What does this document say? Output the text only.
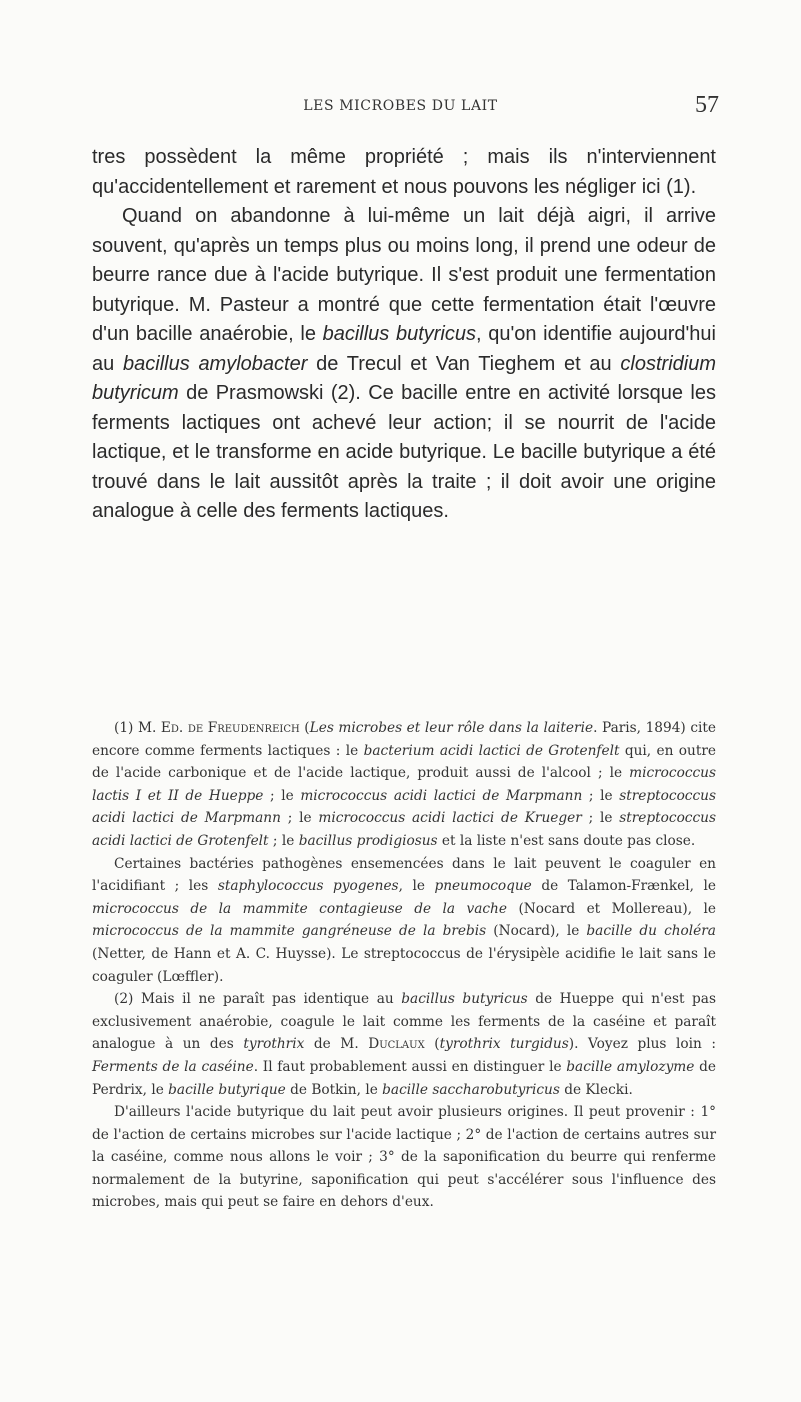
LES MICROBES DU LAIT	57

tres possèdent la même propriété ; mais ils n'interviennent qu'accidentellement et rarement et nous pouvons les négliger ici (1).

Quand on abandonne à lui-même un lait déjà aigri, il arrive souvent, qu'après un temps plus ou moins long, il prend une odeur de beurre rance due à l'acide butyrique. Il s'est produit une fermentation butyrique. M. Pasteur a montré que cette fermentation était l'œuvre d'un bacille anaérobie, le bacillus butyricus, qu'on identifie aujourd'hui au bacillus amylobacter de Trecul et Van Tieghem et au clostridium butyricum de Prasmowski (2). Ce bacille entre en activité lorsque les ferments lactiques ont achevé leur action; il se nourrit de l'acide lactique, et le transforme en acide butyrique. Le bacille butyrique a été trouvé dans le lait aussitôt après la traite ; il doit avoir une origine analogue à celle des ferments lactiques.

(1) M. Ed. de Freudenreich (Les microbes et leur rôle dans la laiterie. Paris, 1894) cite encore comme ferments lactiques : le bacterium acidi lactici de Grotenfelt qui, en outre de l'acide carbonique et de l'acide lactique, produit aussi de l'alcool ; le micrococcus lactis I et II de Hueppe ; le micrococcus acidi lactici de Marpmann ; le streptococcus acidi lactici de Marpmann ; le micrococcus acidi lactici de Krueger ; le streptococcus acidi lactici de Grotenfelt ; le bacillus prodigiosus et la liste n'est sans doute pas close.

Certaines bactéries pathogènes ensemencées dans le lait peuvent le coaguler en l'acidifiant ; les staphylococcus pyogenes, le pneumocoque de Talamon-Frænkel, le micrococcus de la mammite contagieuse de la vache (Nocard et Mollereau), le micrococcus de la mammite gangréneuse de la brebis (Nocard), le bacille du choléra (Netter, de Hann et A. C. Huysse). Le streptococcus de l'érysipèle acidifie le lait sans le coaguler (Lœffler).

(2) Mais il ne paraît pas identique au bacillus butyricus de Hueppe qui n'est pas exclusivement anaérobie, coagule le lait comme les ferments de la caséine et paraît analogue à un des tyrothrix de M. Duclaux (tyrothrix turgidus). Voyez plus loin : Ferments de la caséine. Il faut probablement aussi en distinguer le bacille amylozyme de Perdrix, le bacille butyrique de Botkin, le bacille saccharobutyricus de Klecki.

D'ailleurs l'acide butyrique du lait peut avoir plusieurs origines. Il peut provenir : 1° de l'action de certains microbes sur l'acide lactique ; 2° de l'action de certains autres sur la caséine, comme nous allons le voir ; 3° de la saponification du beurre qui renferme normalement de la butyrine, saponification qui peut s'accélérer sous l'influence des microbes, mais qui peut se faire en dehors d'eux.
